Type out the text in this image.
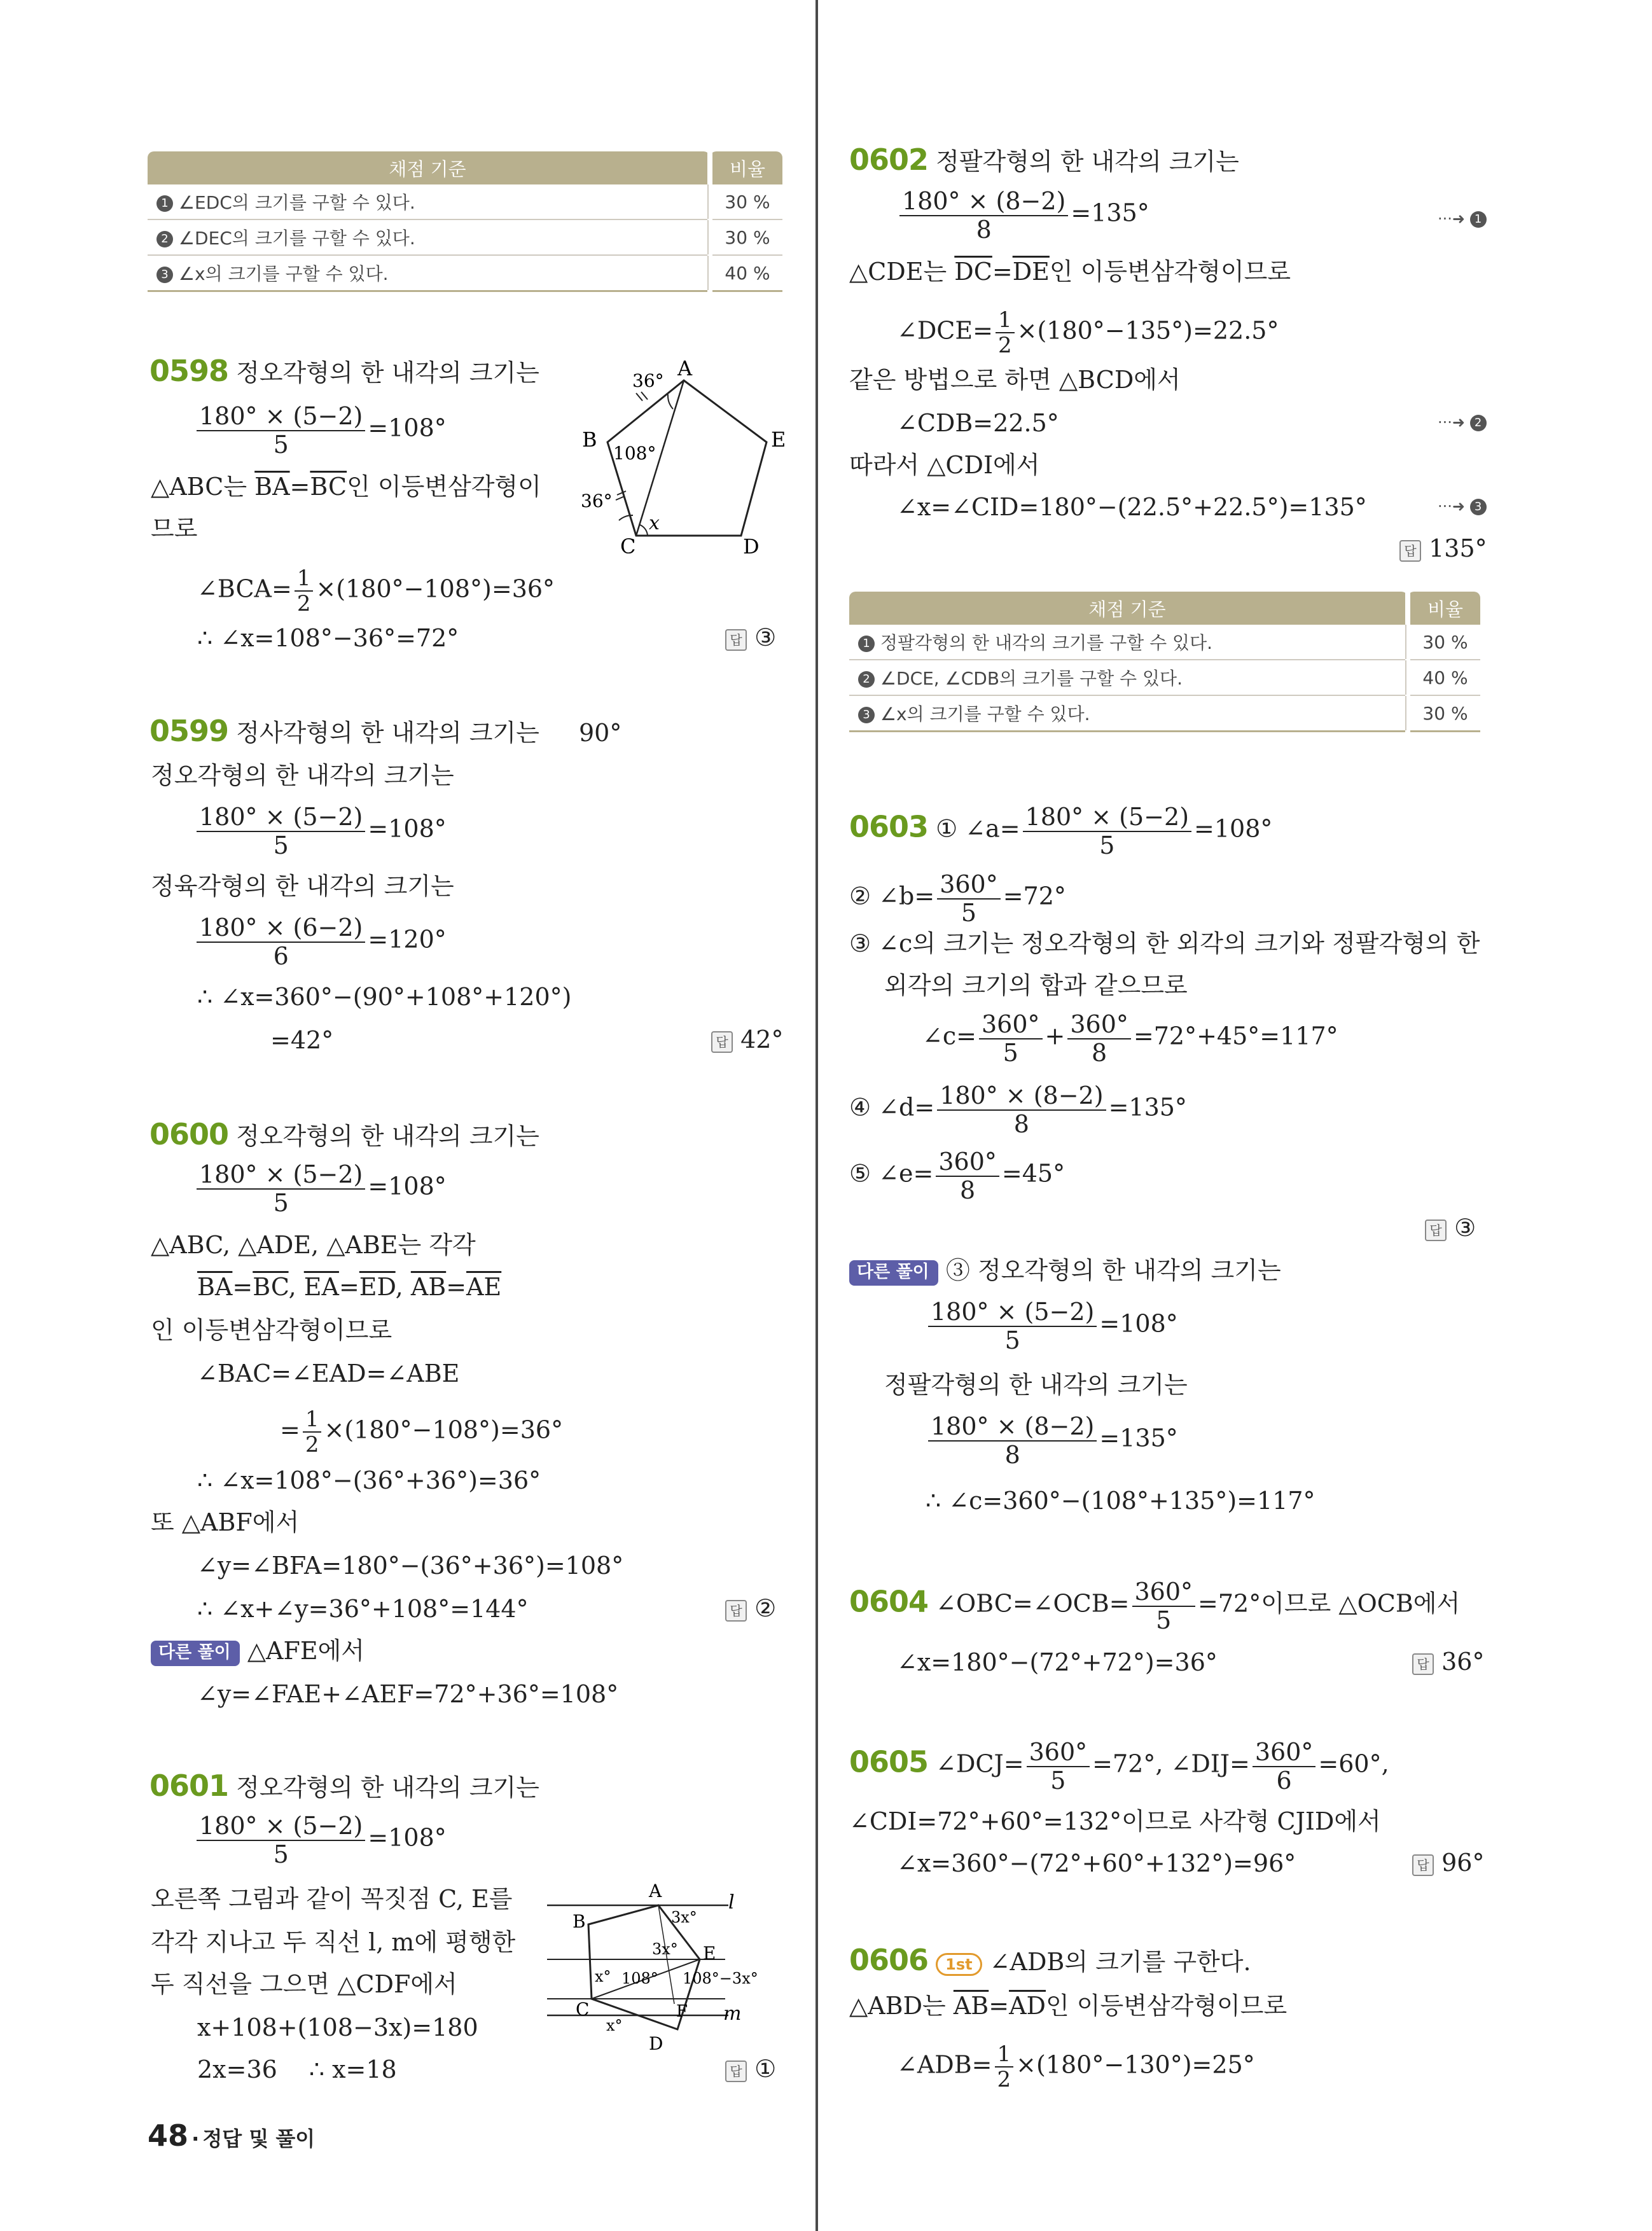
채점 기준	비율
1 ∠EDC의 크기를 구할 수 있다.	30 %
2 ∠DEC의 크기를 구할 수 있다.	30 %
3 ∠x의 크기를 구할 수 있다.	40 %
0598 정오각형의 한 내각의 크기는
$\frac{180^\circ \times (5-2)}{5} =108^\circ$
△ABC는 $\overline{BA}=\overline{BC}$인 이등변삼각형이
므로
∠BCA= $\frac{1}{2} \times(180^\circ-108^\circ)=36^\circ$
∴ ∠x=108°−36°=72°	답 ③
A
B
C	D
E
36°
108°
36°
x
0599 정사각형의 한 내각의 크기는 90°
정오각형의 한 내각의 크기는
$\frac{180^\circ \times (5-2)}{5} =108^\circ$
정육각형의 한 내각의 크기는
$\frac{180^\circ \times (6-2)}{6} =120^\circ$
∴ ∠x=360°−(90°+108°+120°)
=42°	답 42°
0600 정오각형의 한 내각의 크기는
$\frac{180^\circ \times (5-2)}{5} =108^\circ$
△ABC, △ADE, △ABE는 각각
$\overline{BA}=\overline{BC}$, $\overline{EA}=\overline{ED}$, $\overline{AB}=\overline{AE}$
인 이등변삼각형이므로
∠BAC=∠EAD=∠ABE
= $\frac{1}{2} \times(180^\circ-108^\circ)=36^\circ$
∴ ∠x=108°−(36°+36°)=36°
또 △ABF에서
∠y=∠BFA=180°−(36°+36°)=108°
∴ ∠x+∠y=36°+108°=144°	답 ②
다른 풀이 △AFE에서
∠y=∠FAE+∠AEF=72°+36°=108°
0601 정오각형의 한 내각의 크기는
$\frac{180^\circ \times (5-2)}{5} =108^\circ$
오른쪽 그림과 같이 꼭짓점 C, E를
각각 지나고 두 직선 l, m에 평행한
두 직선을 그으면 △CDF에서
x+108+(108−3x)=180
2x=36 ∴ x=18	답 ①
A
B
C
D
E
F
l
m
3x°
3x°
108°
x°
x°
108°−3x°
48 · 정답 및 풀이
0602 정팔각형의 한 내각의 크기는
$\frac{180^\circ \times (8-2)}{8} =135^\circ$	···➜ 1
△CDE는 $\overline{DC}=\overline{DE}$인 이등변삼각형이므로
∠DCE= $\frac{1}{2} \times(180^\circ-135^\circ)=22.5^\circ$
같은 방법으로 하면 △BCD에서
∠CDB=22.5°	···➜ 2
따라서 △CDI에서
∠x=∠CID=180°−(22.5°+22.5°)=135°	···➜ 3
답 135°
채점 기준	비율
1 정팔각형의 한 내각의 크기를 구할 수 있다.	30 %
2 ∠DCE, ∠CDB의 크기를 구할 수 있다.	40 %
3 ∠x의 크기를 구할 수 있다.	30 %
0603 ① ∠a= $\frac{180^\circ \times (5-2)}{5} =108^\circ$
② ∠b= $\frac{360^\circ}{5} =72^\circ$
③ ∠c의 크기는 정오각형의 한 외각의 크기와 정팔각형의 한
외각의 크기의 합과 같으므로
∠c= $\frac{360^\circ}{5} + \frac{360^\circ}{8} =72^\circ+45^\circ=117^\circ$
④ ∠d= $\frac{180^\circ \times (8-2)}{8} =135^\circ$
⑤ ∠e= $\frac{360^\circ}{8} =45^\circ$
답 ③
다른 풀이 ③ 정오각형의 한 내각의 크기는
$\frac{180^\circ \times (5-2)}{5} =108^\circ$
정팔각형의 한 내각의 크기는
$\frac{180^\circ \times (8-2)}{8} =135^\circ$
∴ ∠c=360°−(108°+135°)=117°
0604 ∠OBC=∠OCB= $\frac{360^\circ}{5} =72^\circ$이므로 △OCB에서
∠x=180°−(72°+72°)=36°	답 36°
0605 ∠DCJ= $\frac{360^\circ}{5} =72^\circ$, ∠DIJ= $\frac{360^\circ}{6} =60^\circ$,
∠CDI=72°+60°=132°이므로 사각형 CJID에서
∠x=360°−(72°+60°+132°)=96°	답 96°
0606 1st ∠ADB의 크기를 구한다.
△ABD는 $\overline{AB}=\overline{AD}$인 이등변삼각형이므로
∠ADB= $\frac{1}{2} \times(180^\circ-130^\circ)=25^\circ$
